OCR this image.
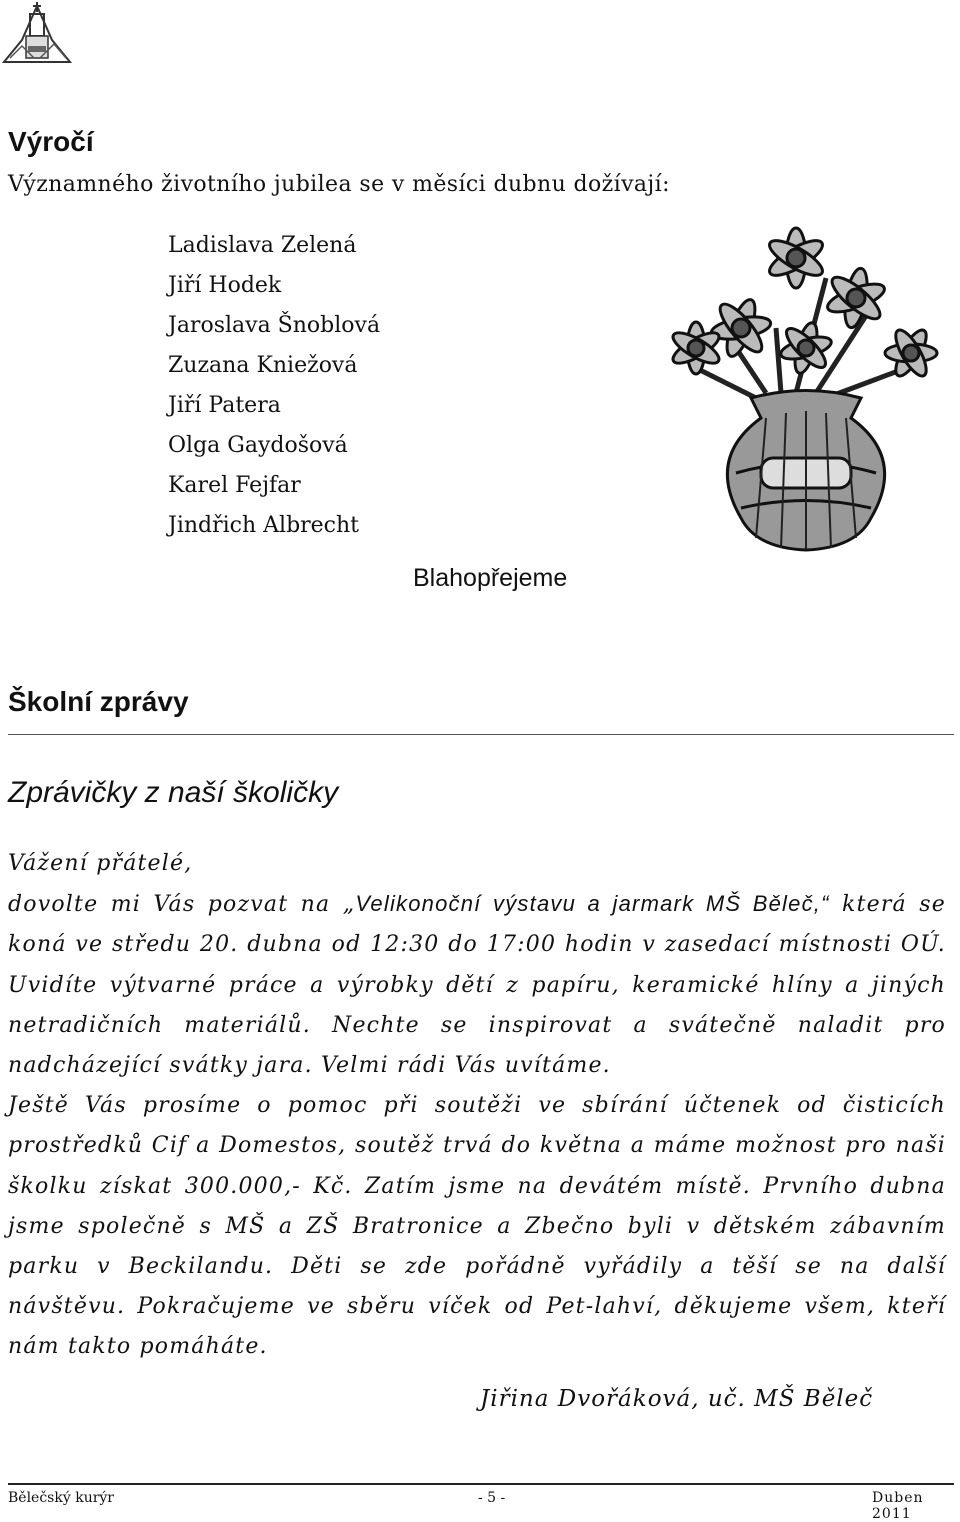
Výročí
Významného životního jubilea se v měsíci dubnu dožívají:
Ladislava Zelená
Jiří Hodek
Jaroslava Šnoblová
Zuzana Kniežová
Jiří Patera
Olga Gaydošová
Karel Fejfar
Jindřich Albrecht
Blahopřejeme
Školní zprávy
Zprávičky z naší školičky

Vážení přátelé,

dovolte mi Vás pozvat na „Velikonoční výstavu a jarmark MŠ Běleč,“ která se koná ve středu 20. dubna od 12:30 do 17:00 hodin v zasedací místnosti OÚ. Uvidíte výtvarné práce a výrobky dětí z papíru, keramické hlíny a jiných netradičních materiálů. Nechte se inspirovat a svátečně naladit pro nadcházející svátky jara. Velmi rádi Vás uvítáme.

Ještě Vás prosíme o pomoc při soutěži ve sbírání účtenek od čisticích prostředků Cif a Domestos, soutěž trvá do května a máme možnost pro naši školku získat 300.000,- Kč. Zatím jsme na devátém místě. Prvního dubna jsme společně s MŠ a ZŠ Bratronice a Zbečno byli v dětském zábavním parku v Beckilandu. Děti se zde pořádně vyřádily a těší se na další návštěvu. Pokračujeme ve sběru víček od Pet-lahví, děkujeme všem, kteří nám takto pomáháte.

Jiřina Dvořáková, uč. MŠ Běleč
Bělečský kurýr	- 5 -	Duben 2011
